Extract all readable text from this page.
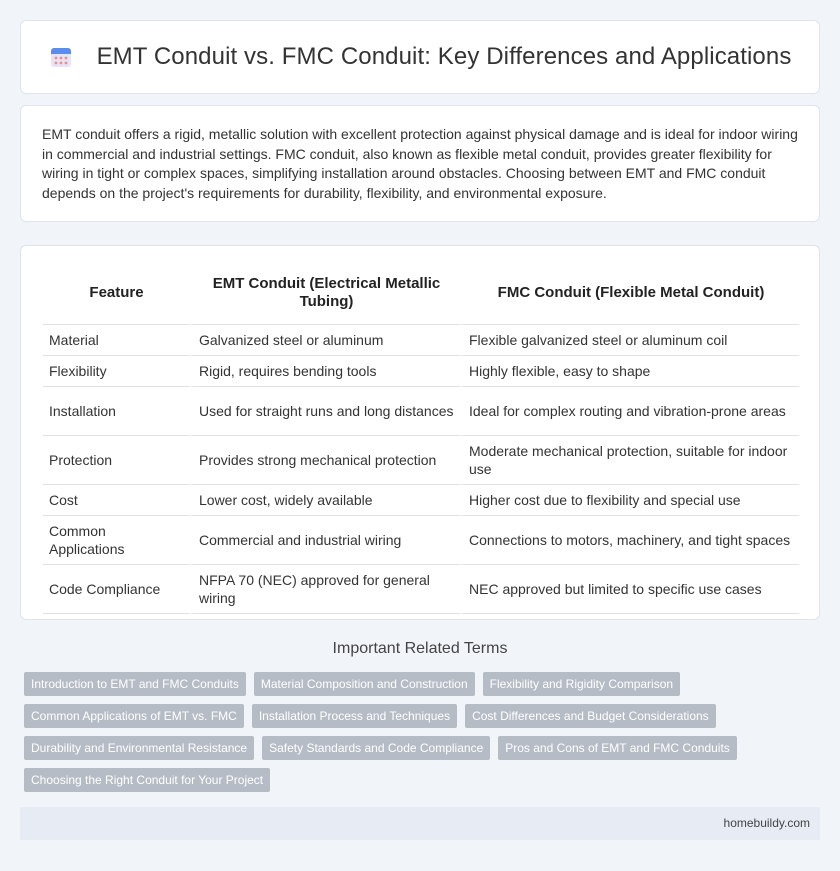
EMT Conduit vs. FMC Conduit: Key Differences and Applications

EMT conduit offers a rigid, metallic solution with excellent protection against physical damage and is ideal for indoor wiring in commercial and industrial settings. FMC conduit, also known as flexible metal conduit, provides greater flexibility for wiring in tight or complex spaces, simplifying installation around obstacles. Choosing between EMT and FMC conduit depends on the project's requirements for durability, flexibility, and environmental exposure.

Feature	EMT Conduit (Electrical Metallic Tubing)	FMC Conduit (Flexible Metal Conduit)
Material	Galvanized steel or aluminum	Flexible galvanized steel or aluminum coil
Flexibility	Rigid, requires bending tools	Highly flexible, easy to shape
Installation	Used for straight runs and long distances	Ideal for complex routing and vibration-prone areas
Protection	Provides strong mechanical protection	Moderate mechanical protection, suitable for indoor use
Cost	Lower cost, widely available	Higher cost due to flexibility and special use
Common Applications	Commercial and industrial wiring	Connections to motors, machinery, and tight spaces
Code Compliance	NFPA 70 (NEC) approved for general wiring	NEC approved but limited to specific use cases
Important Related Terms
Introduction to EMT and FMC Conduits Material Composition and Construction Flexibility and Rigidity Comparison
Common Applications of EMT vs. FMC Installation Process and Techniques Cost Differences and Budget Considerations
Durability and Environmental Resistance Safety Standards and Code Compliance Pros and Cons of EMT and FMC Conduits
Choosing the Right Conduit for Your Project
homebuildy.com
